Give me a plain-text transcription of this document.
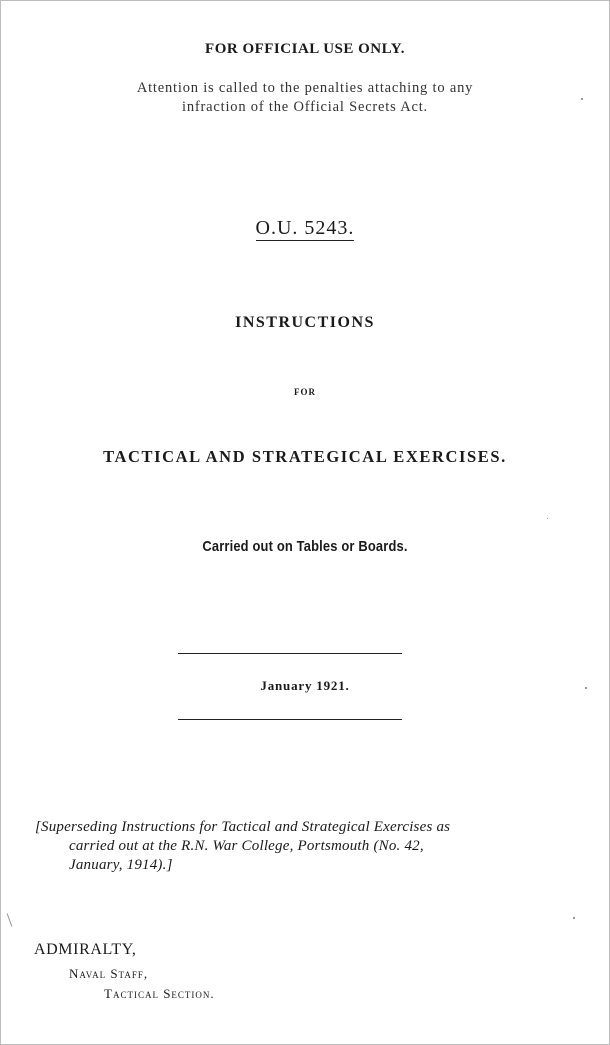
FOR OFFICIAL USE ONLY.
Attention is called to the penalties attaching to any
infraction of the Official Secrets Act.
O.U. 5243.
INSTRUCTIONS
FOR
TACTICAL AND STRATEGICAL EXERCISES.
Carried out on Tables or Boards.
January 1921.
[Superseding Instructions for Tactical and Strategical Exercises as
carried out at the R.N. War College, Portsmouth (No. 42,
January, 1914).]
ADMIRALTY,
Naval Staff,
Tactical Section.
